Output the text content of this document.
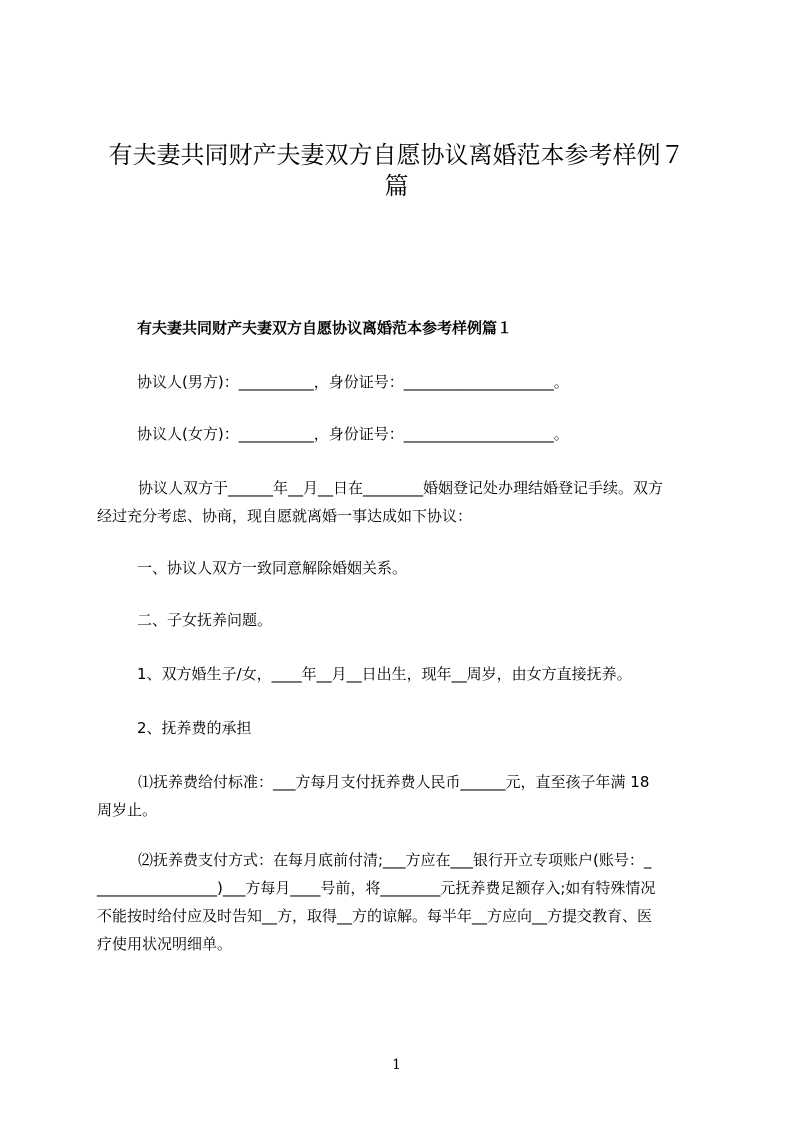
有夫妻共同财产夫妻双方自愿协议离婚范本参考样例７
篇
有夫妻共同财产夫妻双方自愿协议离婚范本参考样例篇１

协议人(男方)：__________，身份证号：____________________。

协议人(女方)：__________，身份证号：____________________。

协议人双方于______年__月__日在________婚姻登记处办理结婚登记手续。双方
经过充分考虑、协商，现自愿就离婚一事达成如下协议：

一、协议人双方一致同意解除婚姻关系。

二、子女抚养问题。

1、双方婚生子/女，____年__月__日出生，现年__周岁，由女方直接抚养。

2、抚养费的承担

⑴抚养费给付标准：___方每月支付抚养费人民币______元，直至孩子年满 18
周岁止。
⑵抚养费支付方式：在每月底前付清;___方应在___银行开立专项账户(账号：_
________________)___方每月____号前，将________元抚养费足额存入;如有特殊情况
不能按时给付应及时告知__方，取得__方的谅解。每半年__方应向__方提交教育、医
疗使用状况明细单。
1
